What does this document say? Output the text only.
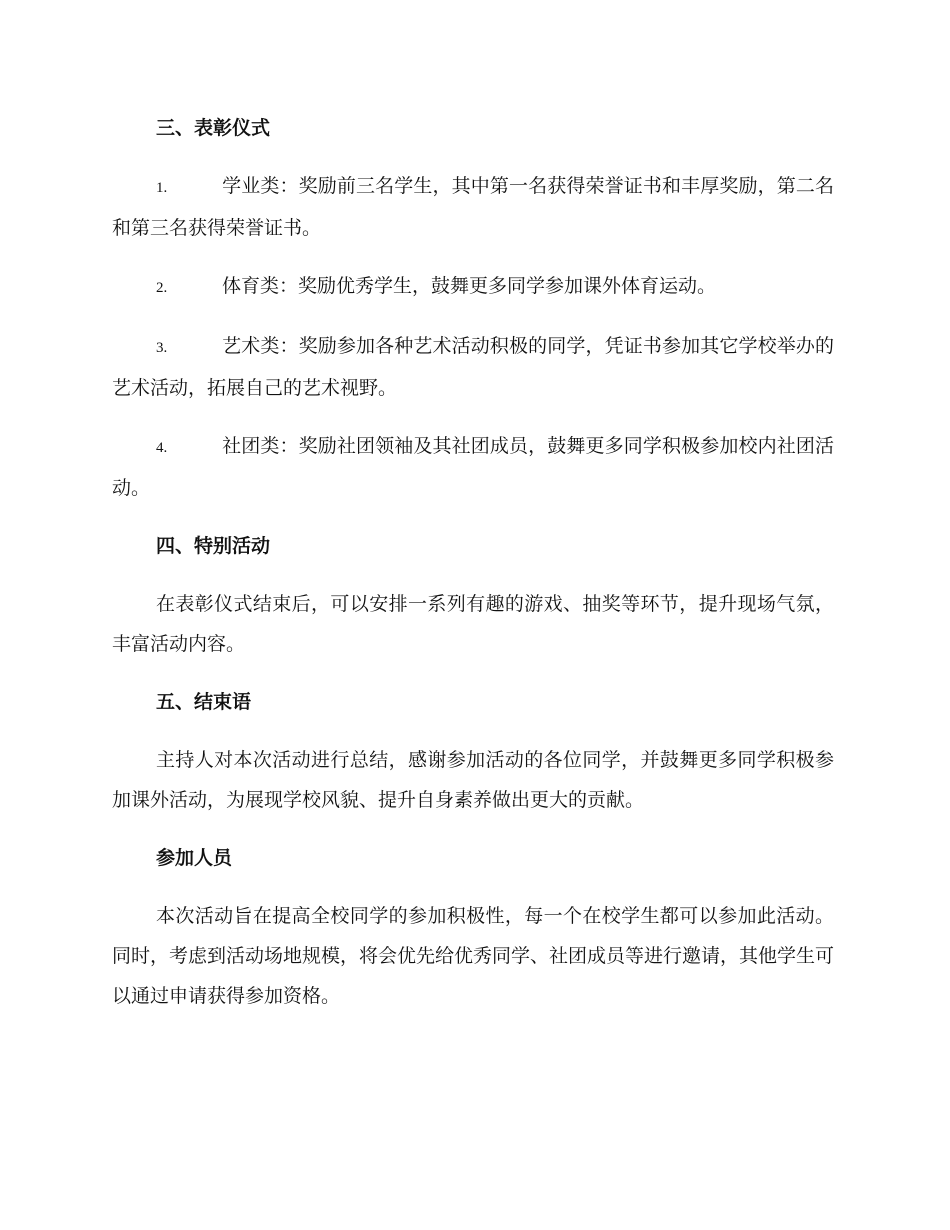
三、表彰仪式
1.	学业类：奖励前三名学生，其中第一名获得荣誉证书和丰厚奖励，第二名和第三名获得荣誉证书。
2.	体育类：奖励优秀学生，鼓舞更多同学参加课外体育运动。
3.	艺术类：奖励参加各种艺术活动积极的同学，凭证书参加其它学校举办的艺术活动，拓展自己的艺术视野。
4.	社团类：奖励社团领袖及其社团成员，鼓舞更多同学积极参加校内社团活动。
四、特别活动
在表彰仪式结束后，可以安排一系列有趣的游戏、抽奖等环节，提升现场气氛，丰富活动内容。
五、结束语
主持人对本次活动进行总结，感谢参加活动的各位同学，并鼓舞更多同学积极参加课外活动，为展现学校风貌、提升自身素养做出更大的贡献。
参加人员
本次活动旨在提高全校同学的参加积极性，每一个在校学生都可以参加此活动。同时，考虑到活动场地规模，将会优先给优秀同学、社团成员等进行邀请，其他学生可以通过申请获得参加资格。
